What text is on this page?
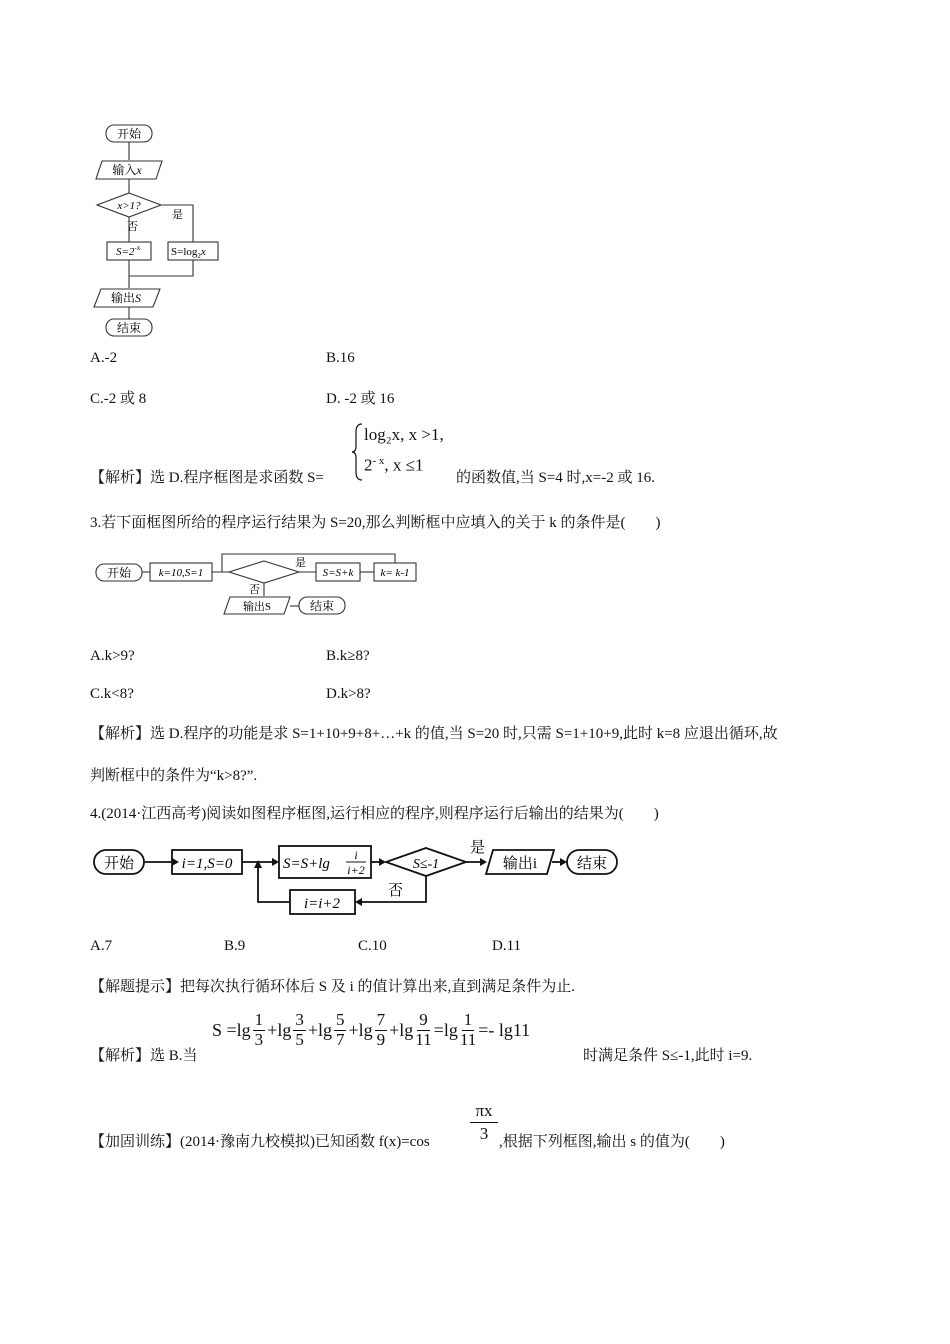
开始
输入x
x>1?
否
是
$S=2^{-x}$	$S=\log_2x$
输出S
结束
A.-2	B.16
C.-2 或 8	D. -2 或 16
【解析】选 D.程序框图是求函数 S=
log₂x, x >1,
$2^{- x}$, x ≤1
的函数值,当 S=4 时,x=-2 或 16.
3.若下面框图所给的程序运行结果为 S=20,那么判断框中应填入的关于 k 的条件是(　　)
开始	k=10,S=1
是
S=S+k k= k-1
否
输出S	结束
A.k>9?	B.k≥8?
C.k<8?	D.k>8?
【解析】选 D.程序的功能是求 S=1+10+9+8+…+k 的值,当 S=20 时,只需 S=1+10+9,此时 k=8 应退出循环,故
判断框中的条件为“k>8?”.
4.(2014·江西高考)阅读如图程序框图,运行相应的程序,则程序运行后输出的结果为(　　)
开始	i=1,S=0	S=S+lg
i
i+2	S≤-1
是
输出i	结束
否
i=i+2
A.7	B.9	C.10	D.11
【解题提示】把每次执行循环体后 S 及 i 的值计算出来,直到满足条件为止.
【解析】选 B.当
$S =\lg \frac{1}{3} +\lg \frac{3}{5} +\lg \frac{5}{7} +\lg \frac{7}{9} +\lg \frac{9}{11} =\lg \frac{1}{11} =- \lg 11$
时满足条件 S≤-1,此时 i=9.
【加固训练】(2014·豫南九校模拟)已知函数 f(x)=cos
πx
3 ,根据下列框图,输出 s 的值为(　　)
